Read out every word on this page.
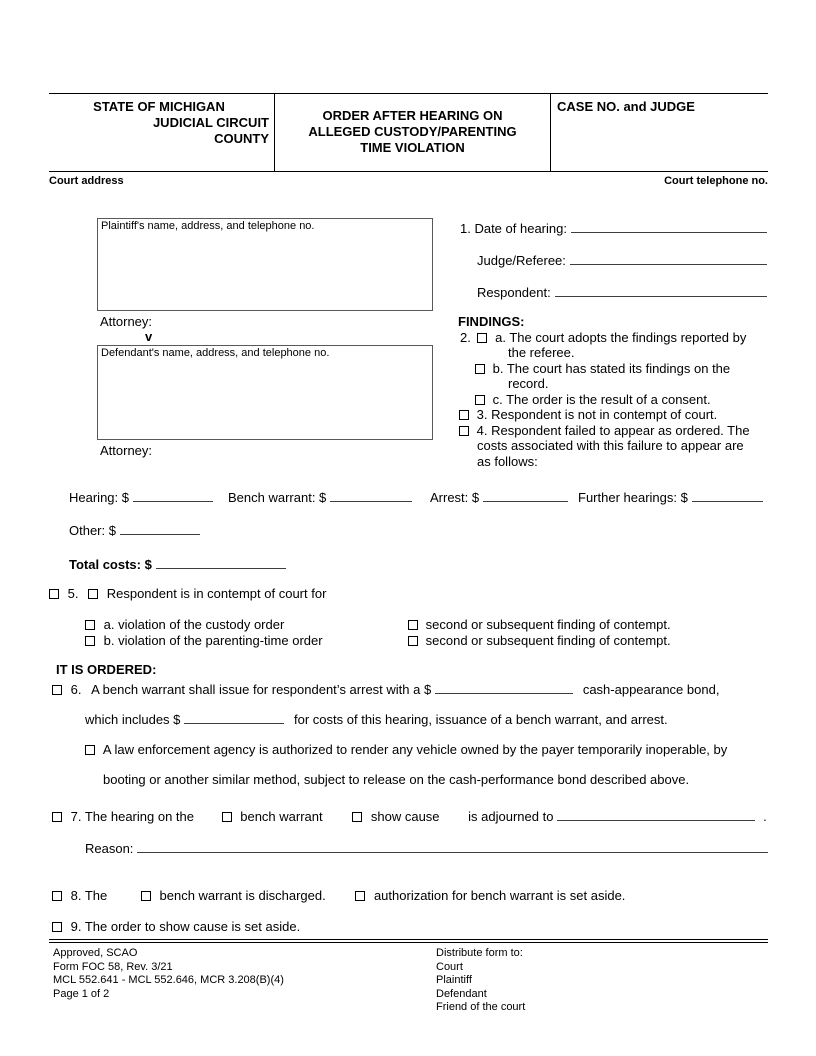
STATE OF MICHIGAN
JUDICIAL CIRCUIT
COUNTY
ORDER AFTER HEARING ON
ALLEGED CUSTODY/PARENTING
TIME VIOLATION
CASE NO. and JUDGE
Court address	Court telephone no.
Plaintiff's name, address, and telephone no.
Attorney:
v
Defendant's name, address, and telephone no.
Attorney:
1. Date of hearing:
Judge/Referee:
Respondent:
FINDINGS:
2. a. The court adopts the findings reported by
the referee.
b. The court has stated its findings on the
record.
c. The order is the result of a consent.
3. Respondent is not in contempt of court.
4. Respondent failed to appear as ordered. The
costs associated with this failure to appear are
as follows:
Hearing: $	Bench warrant: $	Arrest: $	Further hearings: $
Other: $
Total costs: $
5. Respondent is in contempt of court for
a. violation of the custody order	second or subsequent finding of contempt.
b. violation of the parenting-time order	second or subsequent finding of contempt.
IT IS ORDERED:
6. A bench warrant shall issue for respondent’s arrest with a $	cash-appearance bond,
which includes $	for costs of this hearing, issuance of a bench warrant, and arrest.
A law enforcement agency is authorized to render any vehicle owned by the payer temporarily inoperable, by
booting or another similar method, subject to release on the cash-performance bond described above.
7. The hearing on the	bench warrant	show cause is adjourned to	.
Reason:
8. The	bench warrant is discharged.	authorization for bench warrant is set aside.
9. The order to show cause is set aside.
Approved, SCAO
Form FOC 58, Rev. 3/21
MCL 552.641 - MCL 552.646, MCR 3.208(B)(4)
Page 1 of 2
Distribute form to:
Court
Plaintiff
Defendant
Friend of the court
